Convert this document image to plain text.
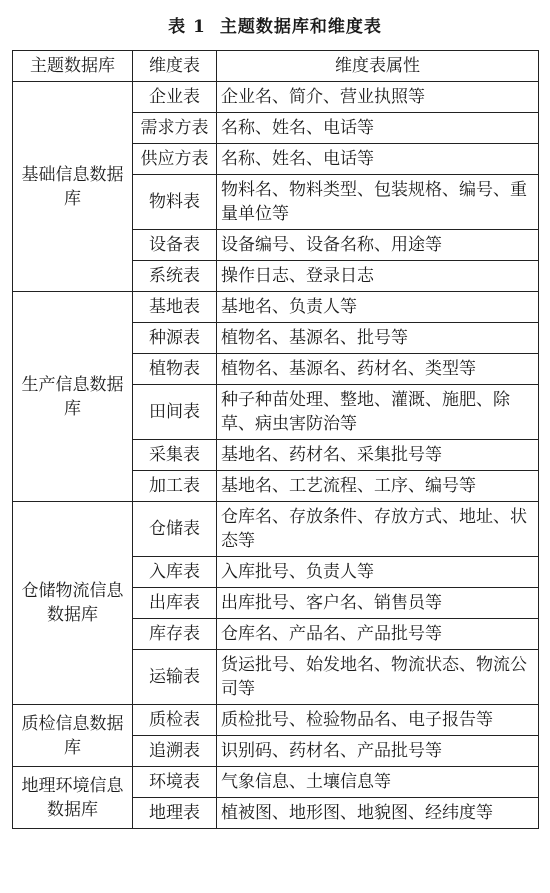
表 1 主题数据库和维度表
主题数据库	维度表	维度表属性
基础信息数据库	企业表	企业名、简介、营业执照等
	需求方表	名称、姓名、电话等
	供应方表	名称、姓名、电话等
	物料表	物料名、物料类型、包装规格、编号、重量单位等
	设备表	设备编号、设备名称、用途等
	系统表	操作日志、登录日志
生产信息数据库	基地表	基地名、负责人等
	种源表	植物名、基源名、批号等
	植物表	植物名、基源名、药材名、类型等
	田间表	种子种苗处理、整地、灌溉、施肥、除草、病虫害防治等
	采集表	基地名、药材名、采集批号等
	加工表	基地名、工艺流程、工序、编号等
仓储物流信息数据库	仓储表	仓库名、存放条件、存放方式、地址、状态等
	入库表	入库批号、负责人等
	出库表	出库批号、客户名、销售员等
	库存表	仓库名、产品名、产品批号等
	运输表	货运批号、始发地名、物流状态、物流公司等
质检信息数据库	质检表	质检批号、检验物品名、电子报告等
	追溯表	识别码、药材名、产品批号等
地理环境信息数据库	环境表	气象信息、土壤信息等
	地理表	植被图、地形图、地貌图、经纬度等
